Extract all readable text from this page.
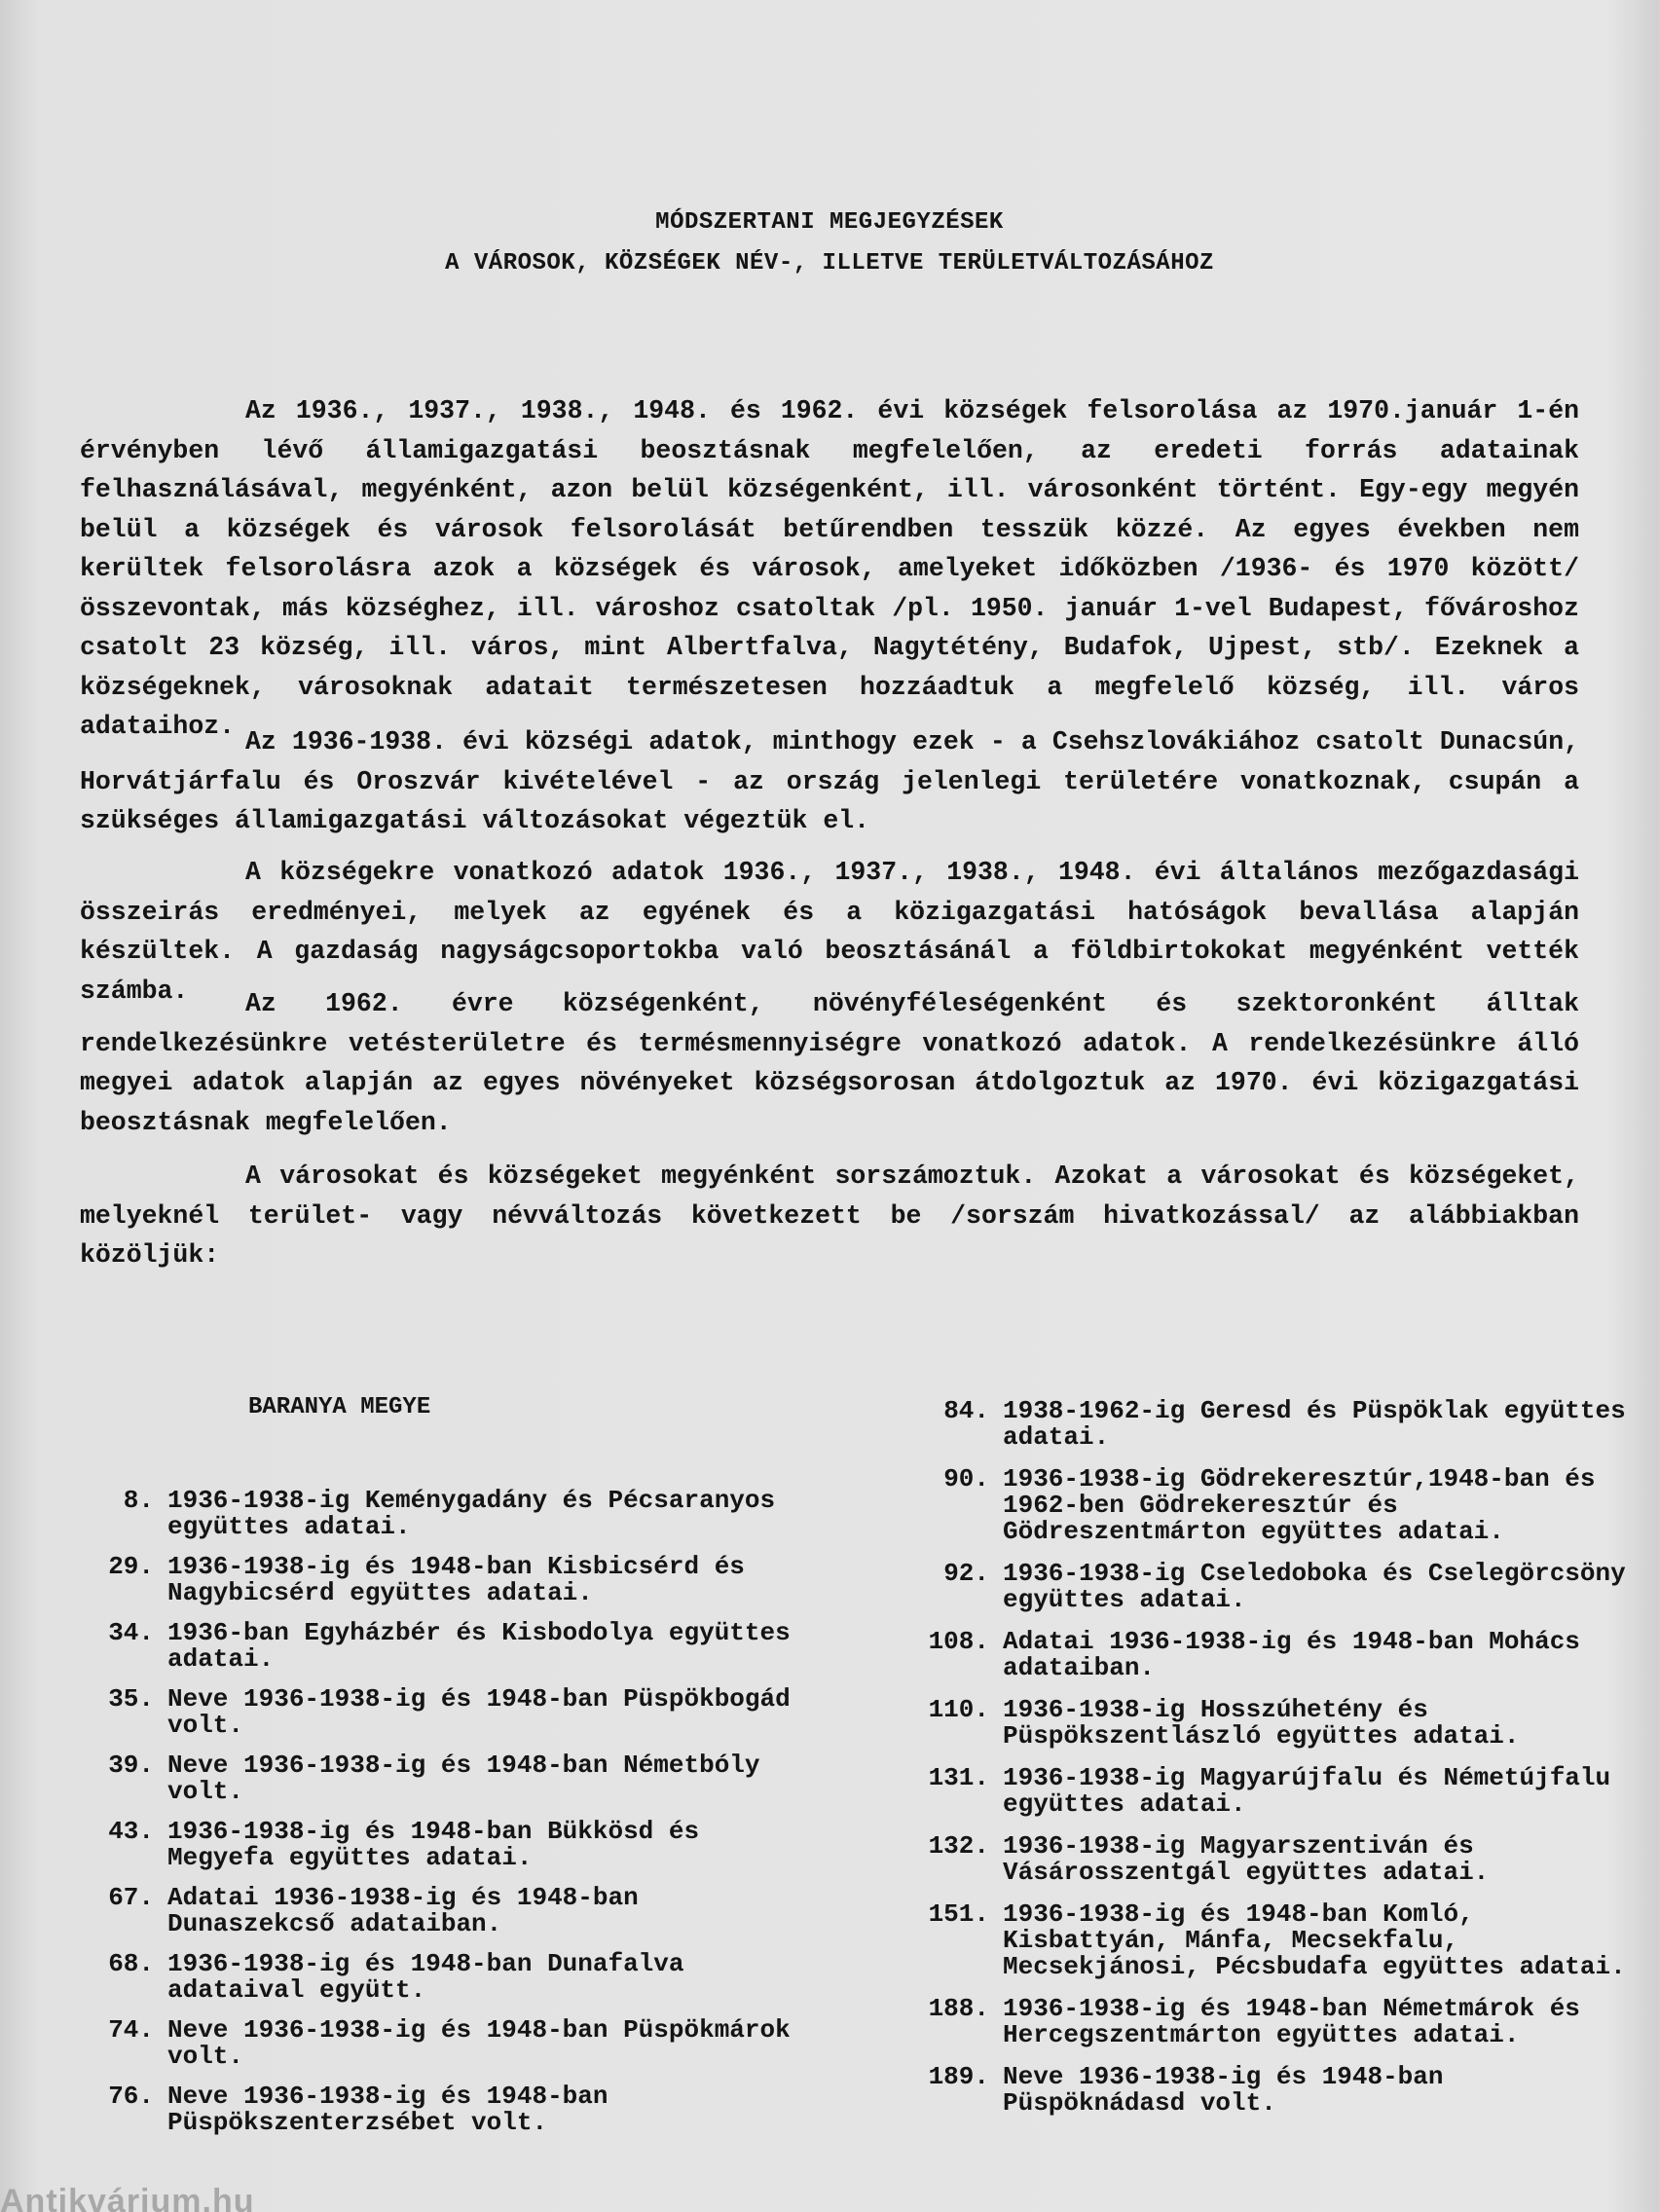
MÓDSZERTANI MEGJEGYZÉSEK
A VÁROSOK, KÖZSÉGEK NÉV-, ILLETVE TERÜLETVÁLTOZÁSÁHOZ
Az 1936., 1937., 1938., 1948. és 1962. évi községek felsorolása az 1970.január 1-én érvényben lévő államigazgatási beosztásnak megfelelően, az eredeti forrás adatainak felhasználásával, megyénként, azon belül községenként, ill. városonként történt. Egy-egy megyén belül a községek és városok felsorolását betűrendben tesszük közzé. Az egyes években nem kerültek felsorolásra azok a községek és városok, amelyeket időközben /1936- és 1970 között/ összevontak, más községhez, ill. városhoz csatoltak /pl. 1950. január 1-vel Budapest, fővároshoz csatolt 23 község, ill. város, mint Albertfalva, Nagytétény, Budafok, Ujpest, stb/. Ezeknek a községeknek, városoknak adatait természetesen hozzáadtuk a megfelelő község, ill. város adataihoz.
Az 1936-1938. évi községi adatok, minthogy ezek - a Csehszlovákiához csatolt Dunacsún, Horvátjárfalu és Oroszvár kivételével - az ország jelenlegi területére vonatkoznak, csupán a szükséges államigazgatási változásokat végeztük el.
A községekre vonatkozó adatok 1936., 1937., 1938., 1948. évi általános mezőgazdasági összeirás eredményei, melyek az egyének és a közigazgatási hatóságok bevallása alapján készültek. A gazdaság nagyságcsoportokba való beosztásánál a földbirtokokat megyénként vették számba.	Az 1962. évre községenként, növényféleségenként és szektoronként álltak rendelkezésünkre vetésterületre és termésmennyiségre vonatkozó adatok. A rendelkezésünkre álló megyei adatok alapján az egyes növényeket községsorosan átdolgoztuk az 1970. évi közigazgatási beosztásnak megfelelően.
A városokat és községeket megyénként sorszámoztuk. Azokat a városokat és községeket, melyeknél terület- vagy névváltozás következett be /sorszám hivatkozással/ az alábbiakban közöljük:
BARANYA MEGYE
8. 1936-1938-ig Keménygadány és Pécsaranyos együttes adatai.
29. 1936-1938-ig és 1948-ban Kisbicsérd és Nagybicsérd együttes adatai.
34. 1936-ban Egyházbér és Kisbodolya együttes adatai.
35. Neve 1936-1938-ig és 1948-ban Püspökbogád volt.
39. Neve 1936-1938-ig és 1948-ban Németbóly volt.
43. 1936-1938-ig és 1948-ban Bükkösd és Megyefa együttes adatai.
67. Adatai 1936-1938-ig és 1948-ban Dunaszekcső adataiban.
68. 1936-1938-ig és 1948-ban Dunafalva adataival együtt.
74. Neve 1936-1938-ig és 1948-ban Püspökmárok volt.
76. Neve 1936-1938-ig és 1948-ban Püspökszenterzsébet volt.
84. 1938-1962-ig Geresd és Püspöklak együttes adatai.
90. 1936-1938-ig Gödrekeresztúr,1948-ban és 1962-ben Gödrekeresztúr és Gödreszentmárton együttes adatai.
92. 1936-1938-ig Cseledoboka és Cselegörcsöny együttes adatai.
108. Adatai 1936-1938-ig és 1948-ban Mohács adataiban.
110. 1936-1938-ig Hosszúhetény és Püspökszentlászló együttes adatai.
131. 1936-1938-ig Magyarújfalu és Németújfalu együttes adatai.
132. 1936-1938-ig Magyarszentiván és Vásárosszentgál együttes adatai.
151. 1936-1938-ig és 1948-ban Komló, Kisbattyán, Mánfa, Mecsekfalu, Mecsekjánosi, Pécsbudafa együttes adatai.
188. 1936-1938-ig és 1948-ban Németmárok és Hercegszentmárton együttes adatai.
189. Neve 1936-1938-ig és 1948-ban Püspöknádasd volt.
Antikvárium.hu
